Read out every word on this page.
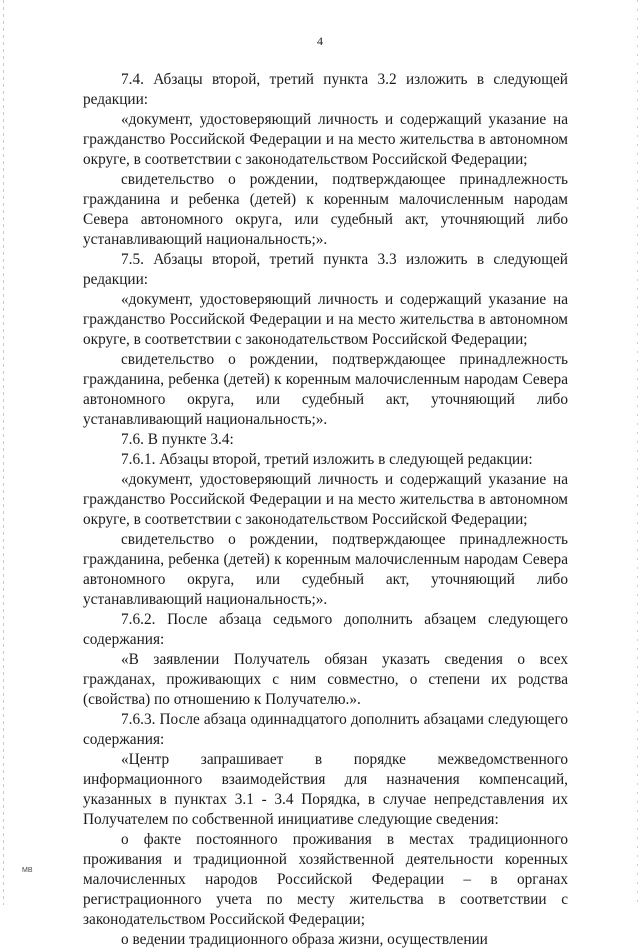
4

7.4. Абзацы второй, третий пункта 3.2 изложить в следующей редакции:

«документ, удостоверяющий личность и содержащий указание на гражданство Российской Федерации и на место жительства в автономном округе, в соответствии с законодательством Российской Федерации;

свидетельство о рождении, подтверждающее принадлежность гражданина и ребенка (детей) к коренным малочисленным народам Севера автономного округа, или судебный акт, уточняющий либо устанавливающий национальность;».

7.5. Абзацы второй, третий пункта 3.3 изложить в следующей редакции:

«документ, удостоверяющий личность и содержащий указание на гражданство Российской Федерации и на место жительства в автономном округе, в соответствии с законодательством Российской Федерации;

свидетельство о рождении, подтверждающее принадлежность гражданина, ребенка (детей) к коренным малочисленным народам Севера автономного округа, или судебный акт, уточняющий либо устанавливающий национальность;».

7.6. В пункте 3.4:

7.6.1. Абзацы второй, третий изложить в следующей редакции:

«документ, удостоверяющий личность и содержащий указание на гражданство Российской Федерации и на место жительства в автономном округе, в соответствии с законодательством Российской Федерации;

свидетельство о рождении, подтверждающее принадлежность гражданина, ребенка (детей) к коренным малочисленным народам Севера автономного округа, или судебный акт, уточняющий либо устанавливающий национальность;».

7.6.2. После абзаца седьмого дополнить абзацем следующего содержания:

«В заявлении Получатель обязан указать сведения о всех гражданах, проживающих с ним совместно, о степени их родства (свойства) по отношению к Получателю.».

7.6.3. После абзаца одиннадцатого дополнить абзацами следующего содержания:

«Центр запрашивает в порядке межведомственного информационного взаимодействия для назначения компенсаций, указанных в пунктах 3.1 - 3.4 Порядка, в случае непредставления их Получателем по собственной инициативе следующие сведения:

о факте постоянного проживания в местах традиционного проживания и традиционной хозяйственной деятельности коренных малочисленных народов Российской Федерации – в органах регистрационного учета по месту жительства в соответствии с законодательством Российской Федерации;

о ведении традиционного образа жизни, осуществлении

МВ
